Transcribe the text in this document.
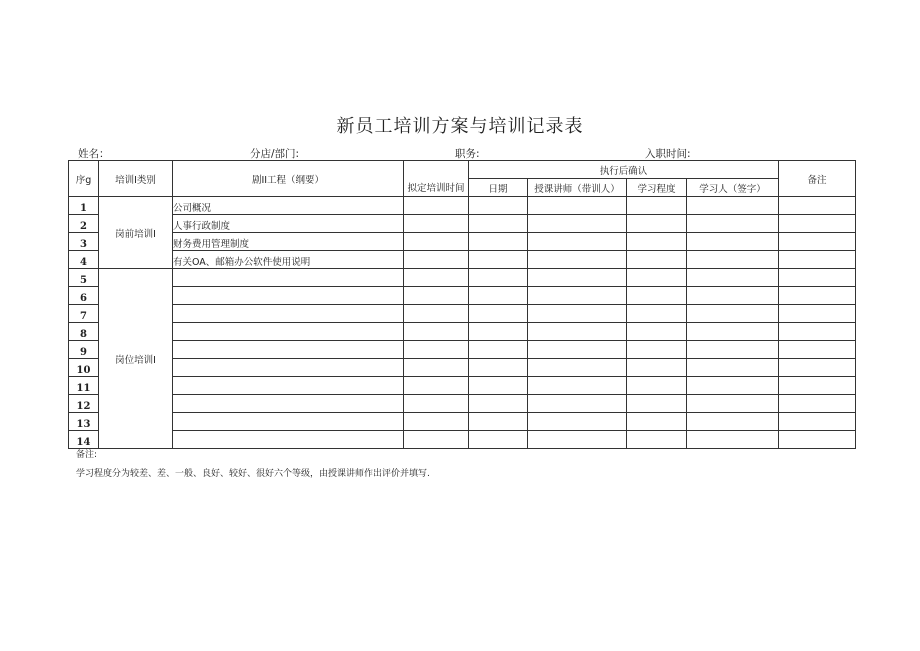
新员工培训方案与培训记录表
姓名：	分店/部门:	职务:	入职时间:
序g	培训I类别	剧II工程（纲要）	拟定培训时间	执行后确认				备注
				日期	授课讲师（带训人）	学习程度	学习人（签字）	
1	岗前培训I	公司概况						
2		人事行政制度						
3		财务费用管理制度						
4		有关OA、邮箱办公软件使用说明						
5	岗位培训I							
6								
7								
8								
9								
10								
11								
12								
13								
14								
备注:
学习程度分为较差、差、一般、良好、较好、很好六个等级，由授课讲师作出评价并填写.
